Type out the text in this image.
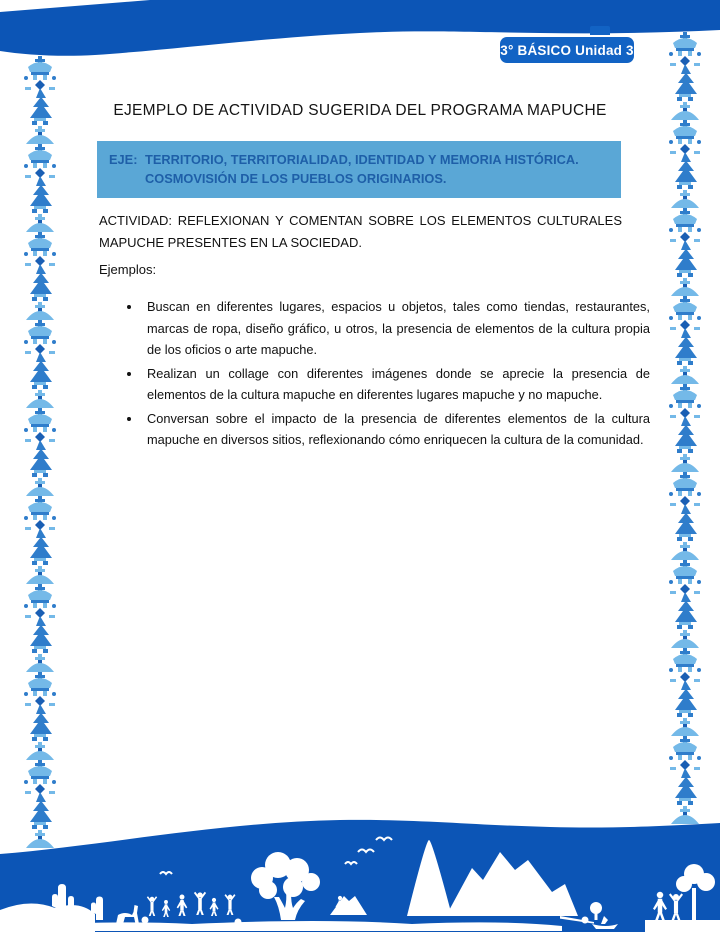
3° BÁSICO Unidad 3
EJEMPLO DE ACTIVIDAD SUGERIDA DEL PROGRAMA MAPUCHE
EJE: TERRITORIO, TERRITORIALIDAD, IDENTIDAD Y MEMORIA HISTÓRICA.
COSMOVISIÓN DE LOS PUEBLOS ORIGINARIOS.
ACTIVIDAD: REFLEXIONAN Y COMENTAN SOBRE LOS ELEMENTOS CULTURALES MAPUCHE PRESENTES EN LA SOCIEDAD.
Ejemplos:
• Buscan en diferentes lugares, espacios u objetos, tales como tiendas, restaurantes, marcas de ropa, diseño gráfico, u otros, la presencia de elementos de la cultura propia de los oficios o arte mapuche.
• Realizan un collage con diferentes imágenes donde se aprecie la presencia de elementos de la cultura mapuche en diferentes lugares mapuche y no mapuche.
• Conversan sobre el impacto de la presencia de diferentes elementos de la cultura mapuche en diversos sitios, reflexionando cómo enriquecen la cultura de la comunidad.
